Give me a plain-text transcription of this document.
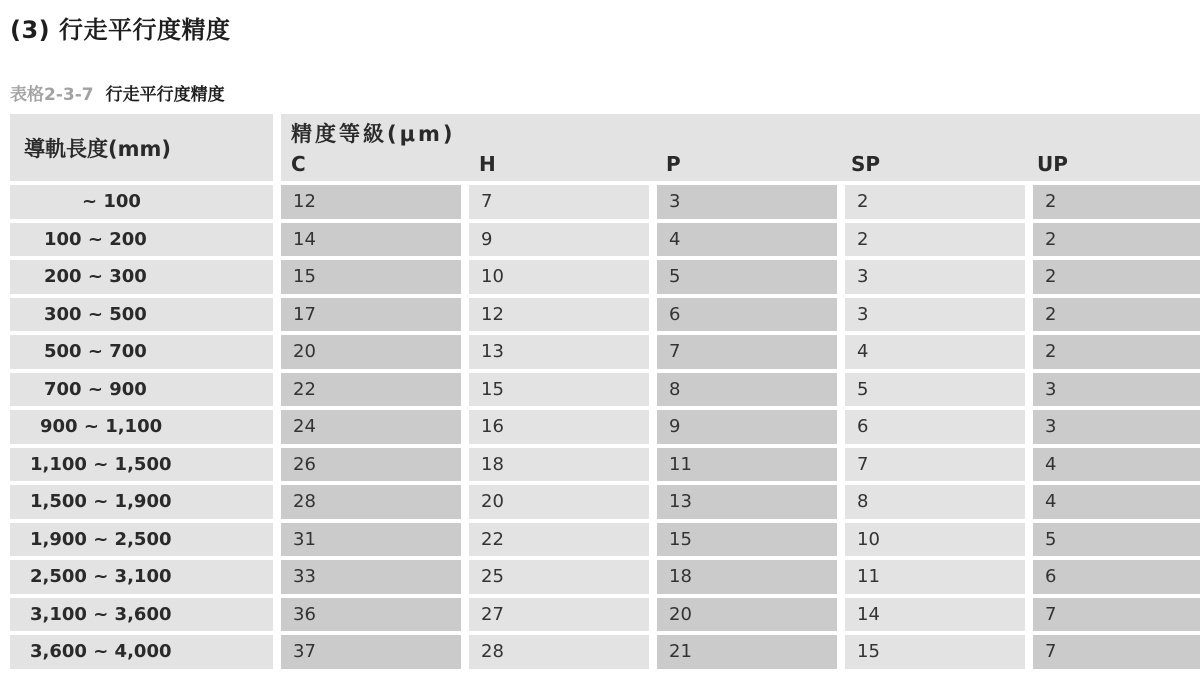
(3) 行走平行度精度
表格2-3-7 行走平行度精度
導軌長度(mm)
精度等級(μm)
C	H	P	SP	UP
~ 100	12	7	3	2	2
100 ~ 200	14	9	4	2	2
200 ~ 300	15	10	5	3	2
300 ~ 500	17	12	6	3	2
500 ~ 700	20	13	7	4	2
700 ~ 900	22	15	8	5	3
900 ~ 1,100	24	16	9	6	3
1,100 ~ 1,500	26	18	11	7	4
1,500 ~ 1,900	28	20	13	8	4
1,900 ~ 2,500	31	22	15	10	5
2,500 ~ 3,100	33	25	18	11	6
3,100 ~ 3,600	36	27	20	14	7
3,600 ~ 4,000	37	28	21	15	7
